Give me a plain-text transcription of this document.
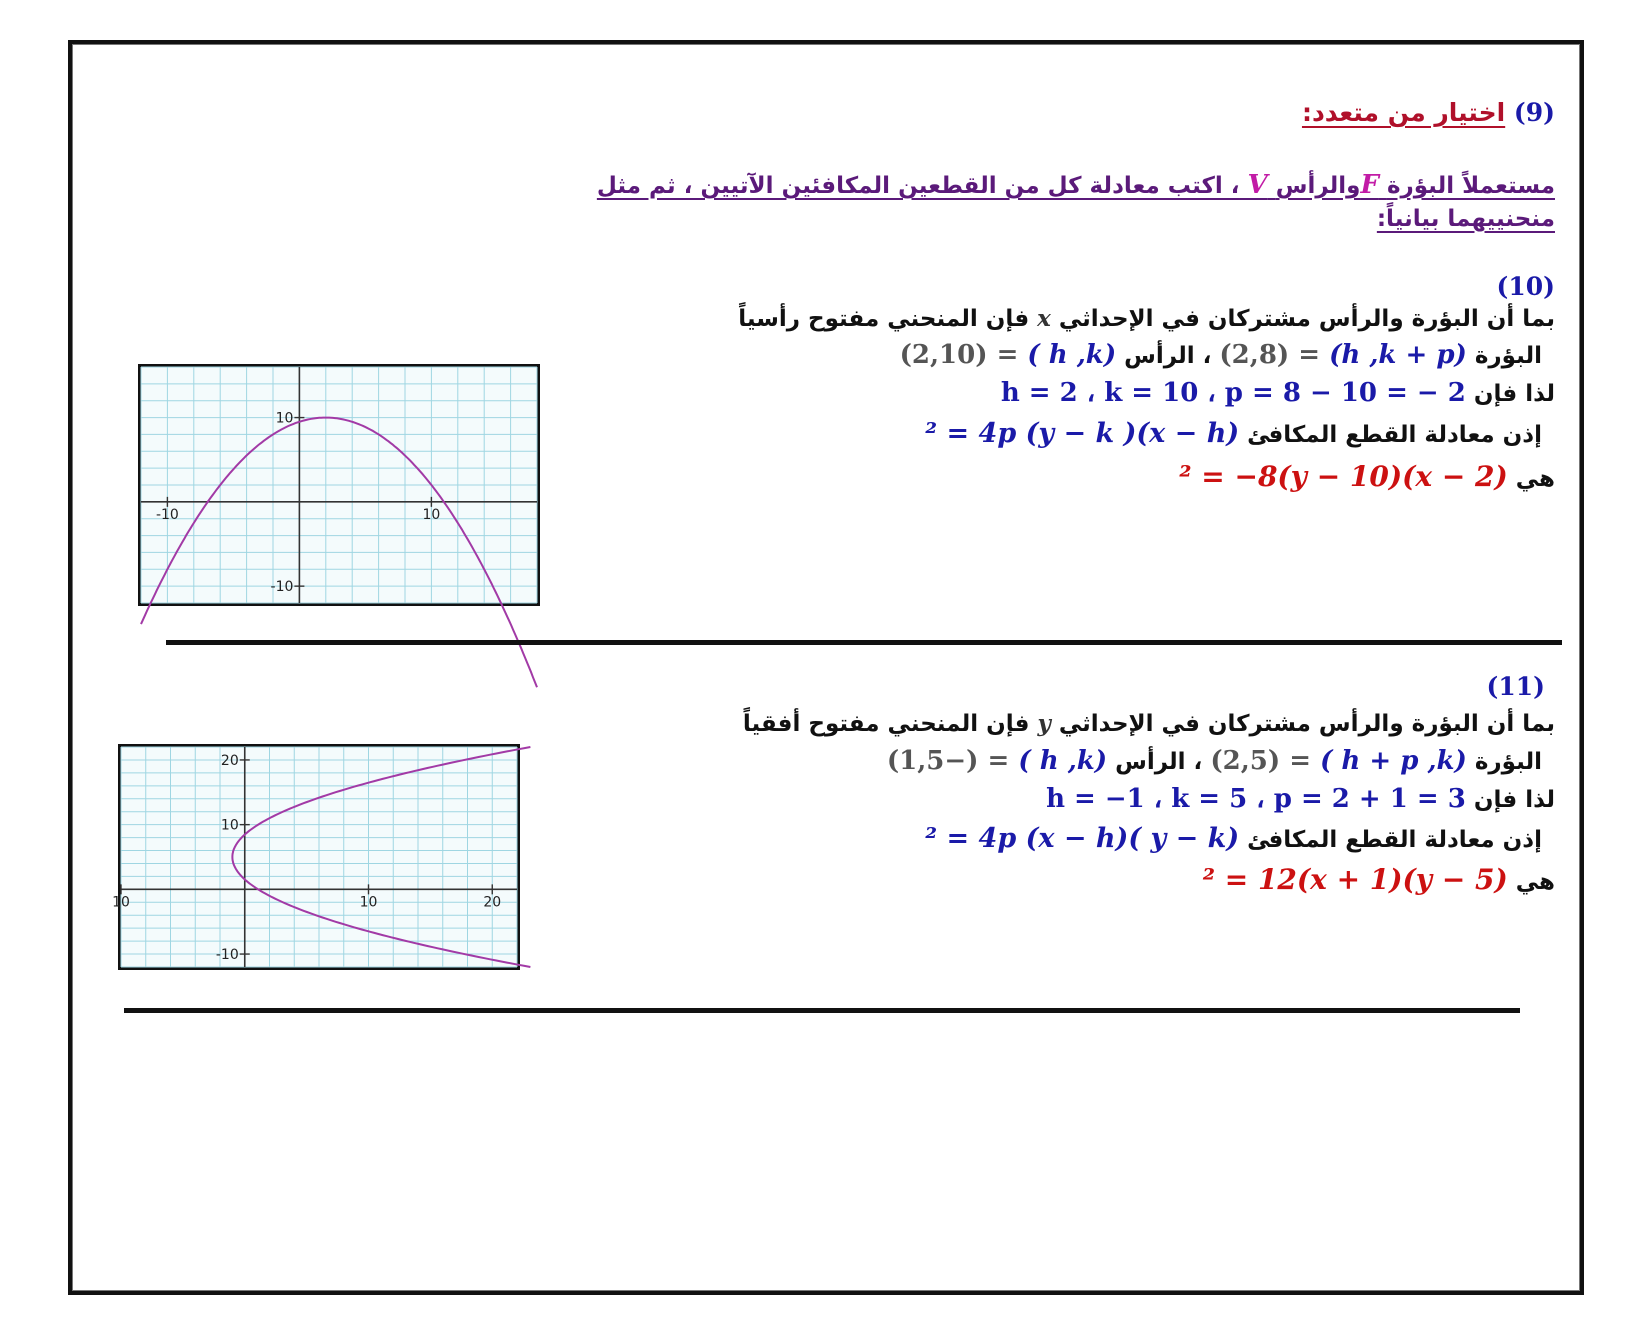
(9) اختيار من متعدد:
مستعملاً البؤرة Fوالرأس V ، اكتب معادلة كل من القطعين المكافئين الآتيين ، ثم مثل
منحنييهما بيانياً:
(10)
بما أن البؤرة والرأس مشتركان في الإحداثي x فإن المنحني مفتوح رأسياً
البؤرة (h ,k + p) = (2,8) ، الرأس (h ,k ) = (2,10)
لذا فإن h = 2 ، k = 10 ، p = 8 − 10 = − 2
إذن معادلة القطع المكافئ (x − h)² = 4p (y − k )
هي (x − 2)² = −8(y − 10)
-10	10
10
-10
(11)
بما أن البؤرة والرأس مشتركان في الإحداثي y فإن المنحني مفتوح أفقياً
البؤرة (h + p ,k ) = (2,5) ، الرأس (h ,k ) = (−1,5)
لذا فإن h = −1 ، k = 5 ، p = 2 + 1 = 3
إذن معادلة القطع المكافئ (y − k )² = 4p (x − h)
هي (y − 5)² = 12(x + 1)
20
10
-10
10	10	20
